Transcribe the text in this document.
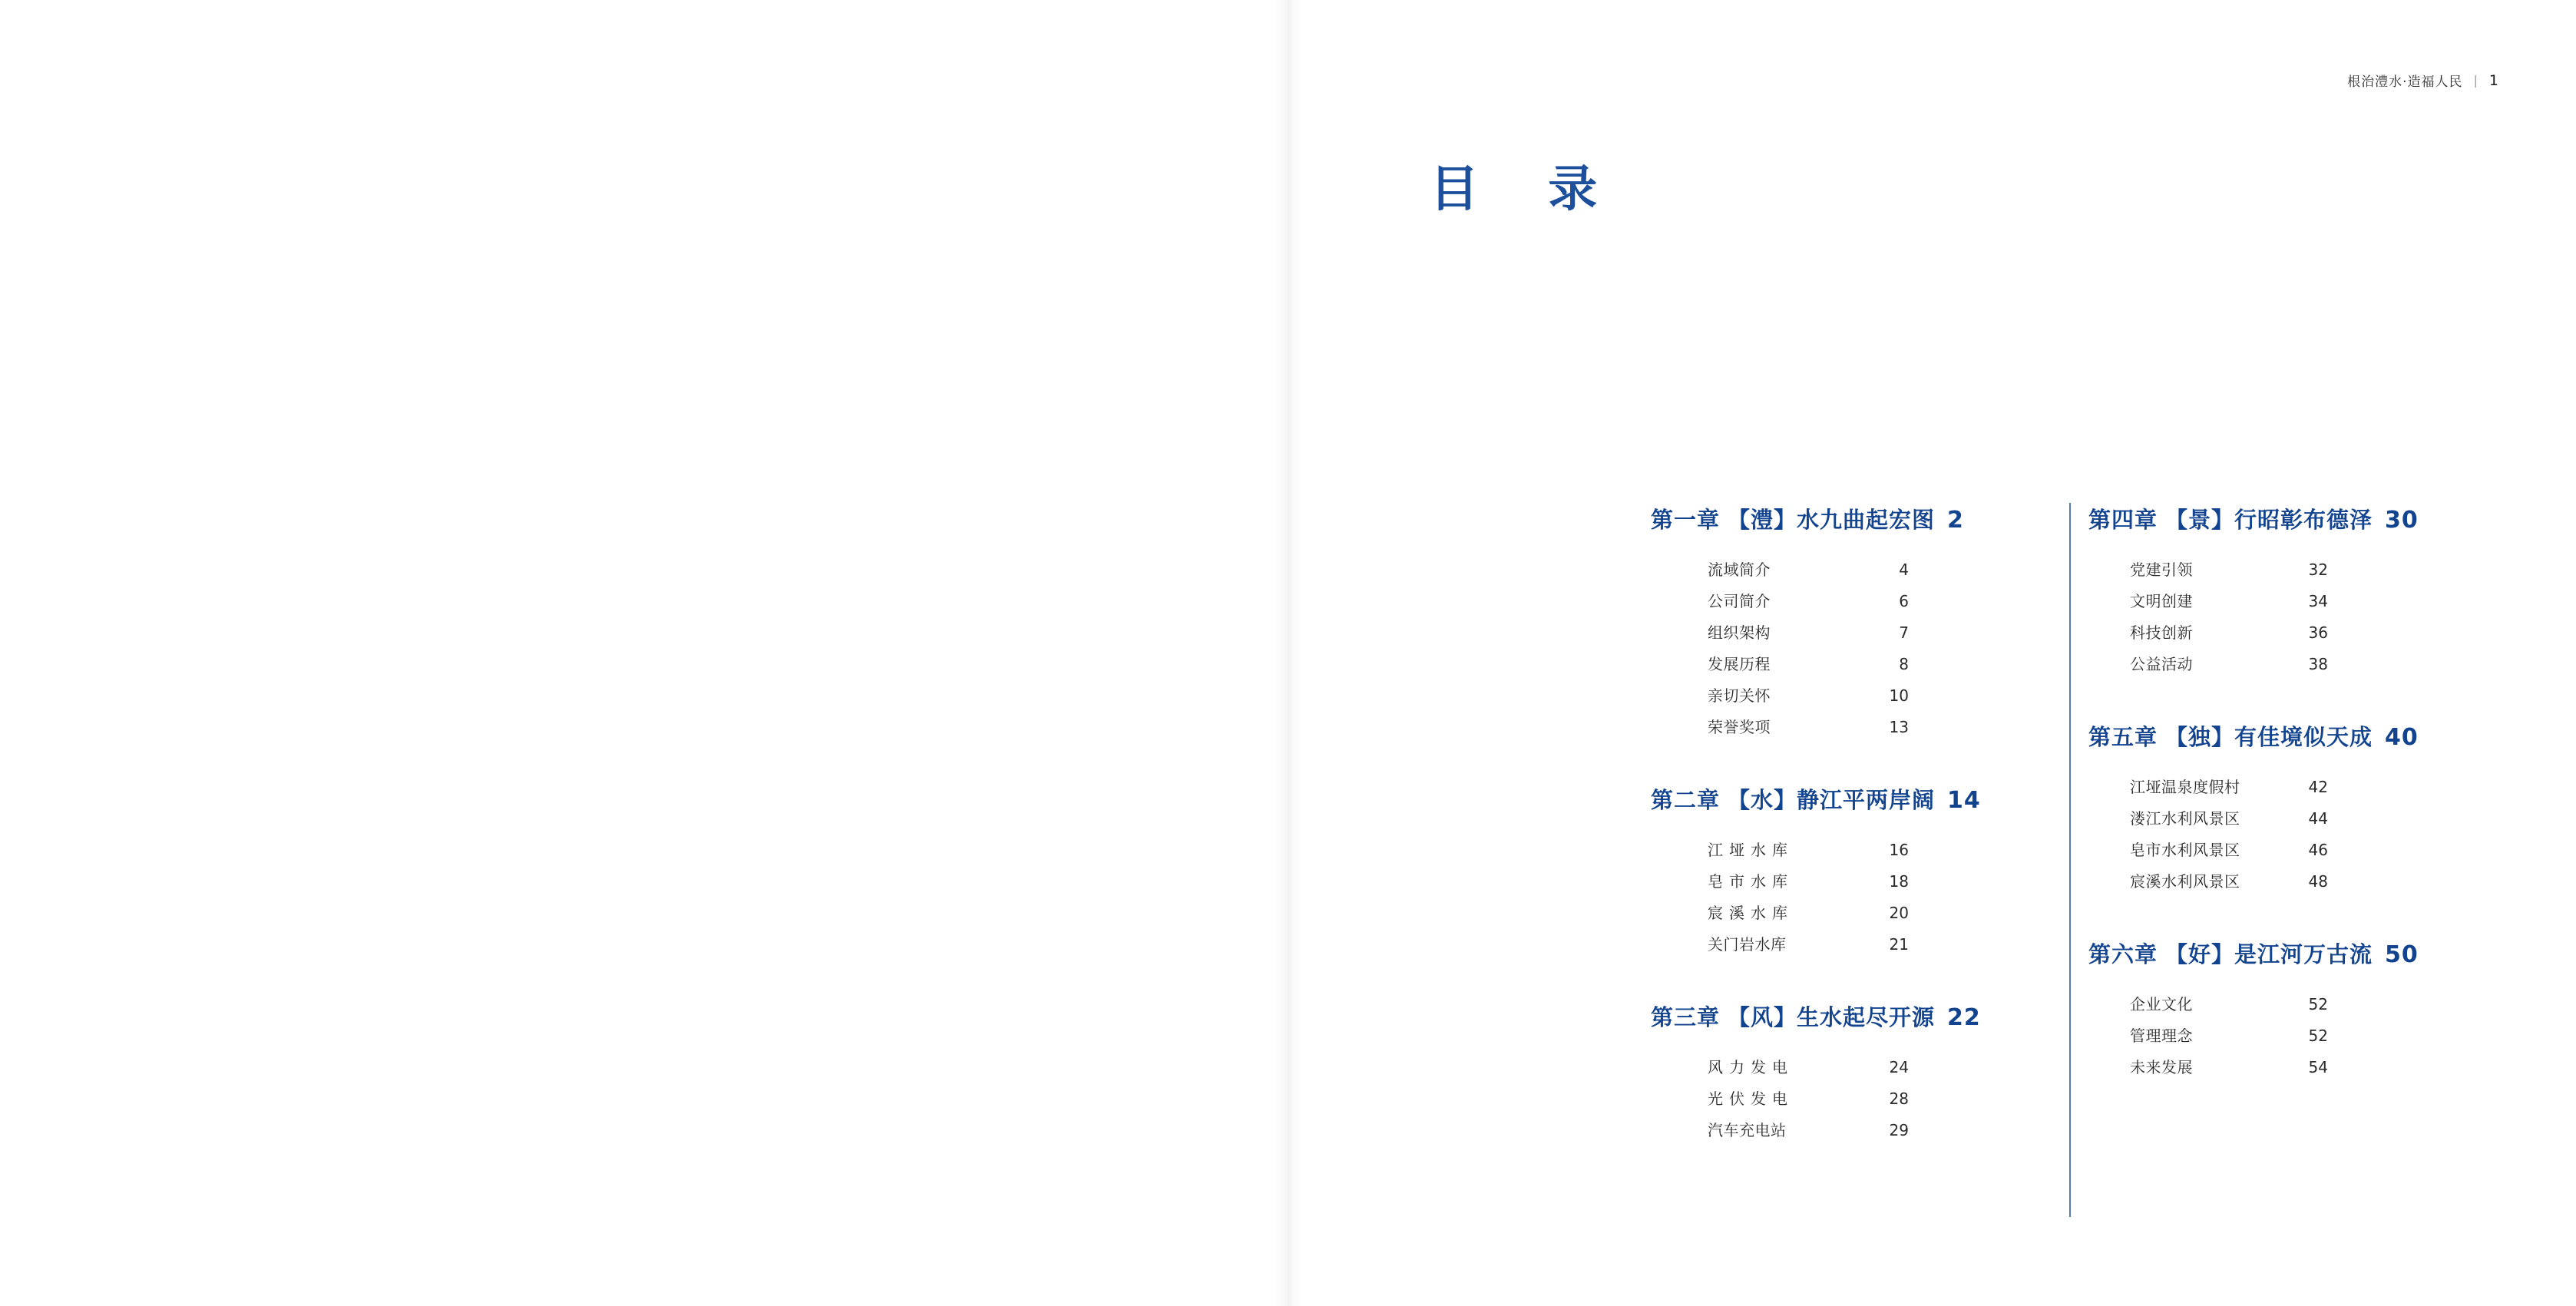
根治澧水·造福人民 | 1
目 录
第一章 【澧】水九曲起宏图 2
流域简介	4
公司简介	6
组织架构	7
发展历程	8
亲切关怀	10
荣誉奖项	13
第二章 【水】静江平两岸阔 14
江垭水库	16
皂市水库	18
宸溪水库	20
关门岩水库	21
第三章 【风】生水起尽开源 22
风力发电	24
光伏发电	28
汽车充电站	29
第四章 【景】行昭彰布德泽 30
党建引领	32
文明创建	34
科技创新	36
公益活动	38
第五章 【独】有佳境似天成 40
江垭温泉度假村	42
溇江水利风景区	44
皂市水利风景区	46
宸溪水利风景区	48
第六章 【好】是江河万古流 50
企业文化	52
管理理念	52
未来发展	54
